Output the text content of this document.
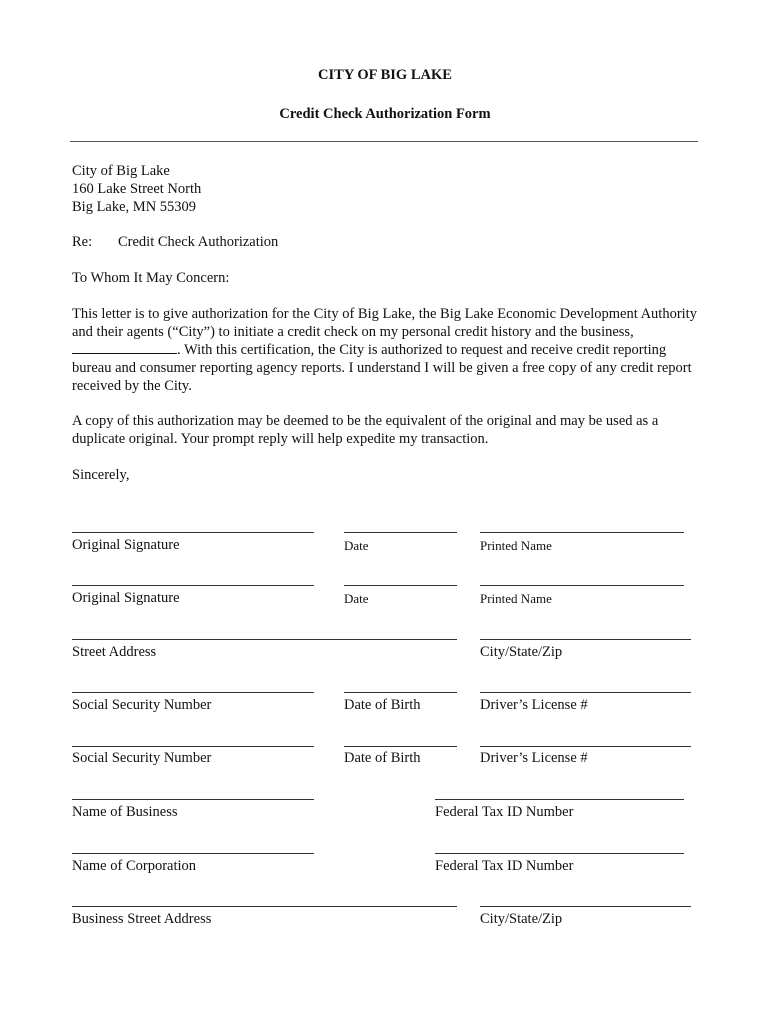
CITY OF BIG LAKE
Credit Check Authorization Form
City of Big Lake
160 Lake Street North
Big Lake, MN 55309
Re: Credit Check Authorization
To Whom It May Concern:
This letter is to give authorization for the City of Big Lake, the Big Lake Economic Development Authority and their agents (“City”) to initiate a credit check on my personal credit history and the business, . With this certification, the City is authorized to request and receive credit reporting bureau and consumer reporting agency reports. I understand I will be given a free copy of any credit report received by the City.
A copy of this authorization may be deemed to be the equivalent of the original and may be used as a duplicate original. Your prompt reply will help expedite my transaction.
Sincerely,
Original Signature	Date	Printed Name
Original Signature	Date	Printed Name
Street Address	City/State/Zip
Social Security Number	Date of Birth	Driver’s License #
Social Security Number	Date of Birth	Driver’s License #
Name of Business	Federal Tax ID Number
Name of Corporation	Federal Tax ID Number
Business Street Address	City/State/Zip
